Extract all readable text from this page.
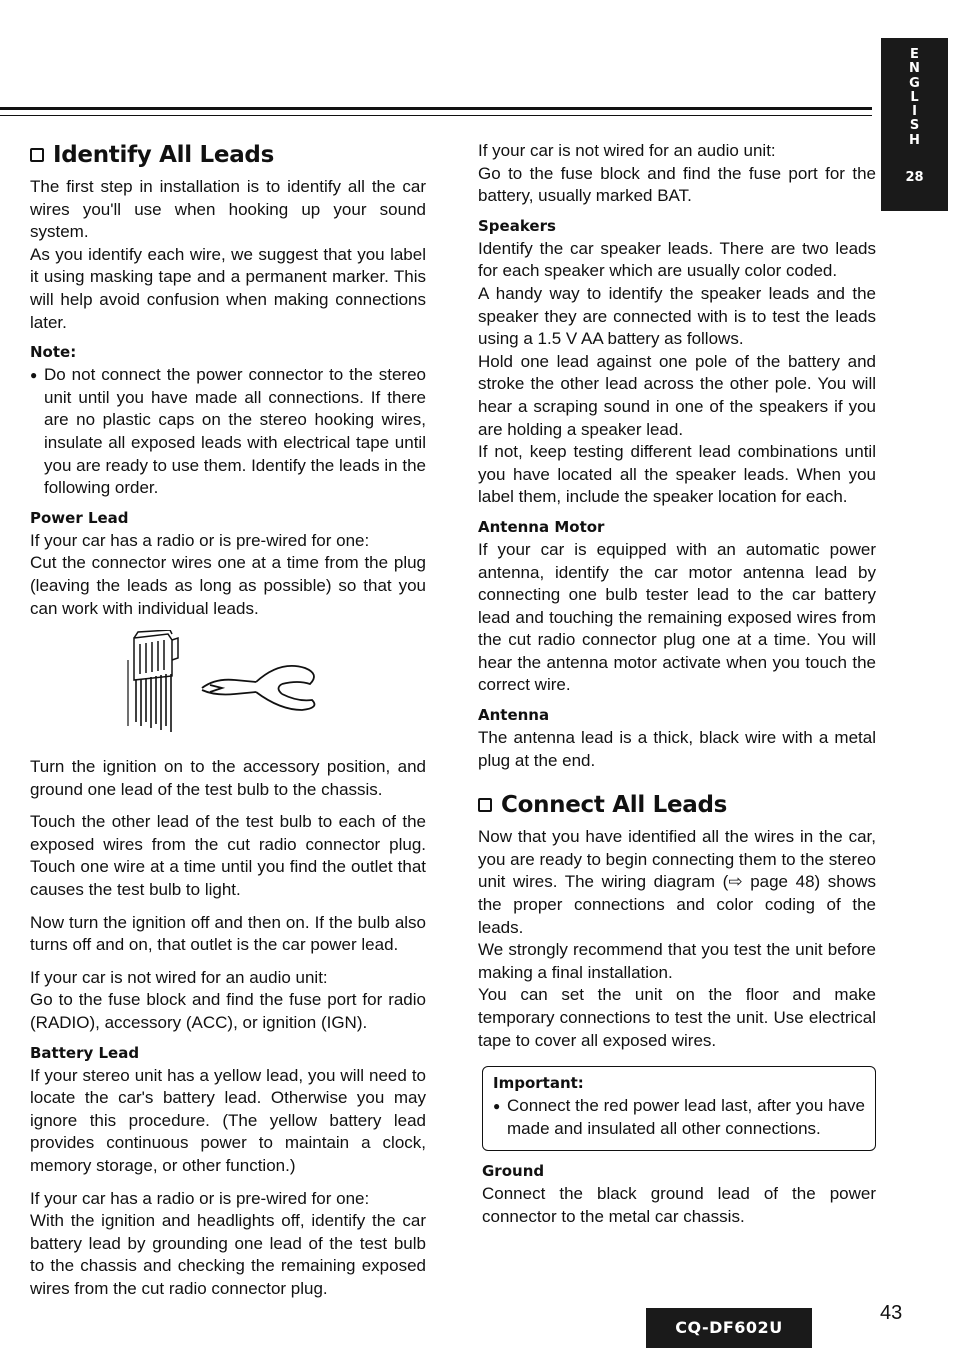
E
N
G
L
I
S
H
28
Identify All Leads

The first step in installation is to identify all the car wires you'll use when hooking up your sound system.

As you identify each wire, we suggest that you label it using masking tape and a permanent marker. This will help avoid confusion when making connections later.

Note:
● Do not connect the power connector to the stereo unit until you have made all connections. If there are no plastic caps on the stereo hooking wires, insulate all exposed leads with electrical tape until you are ready to use them. Identify the leads in the following order.
Power Lead

If your car has a radio or is pre-wired for one:

Cut the connector wires one at a time from the plug (leaving the leads as long as possible) so that you can work with individual leads.

Turn the ignition on to the accessory position, and ground one lead of the test bulb to the chassis.

Touch the other lead of the test bulb to each of the exposed wires from the cut radio connector plug. Touch one wire at a time until you find the outlet that causes the test bulb to light.

Now turn the ignition off and then on. If the bulb also turns off and on, that outlet is the car power lead.

If your car is not wired for an audio unit:

Go to the fuse block and find the fuse port for radio (RADIO), accessory (ACC), or ignition (IGN).

Battery Lead

If your stereo unit has a yellow lead, you will need to locate the car's battery lead. Otherwise you may ignore this procedure. (The yellow battery lead provides continuous power to maintain a clock, memory storage, or other function.)

If your car has a radio or is pre-wired for one:

With the ignition and headlights off, identify the car battery lead by grounding one lead of the test bulb to the chassis and checking the remaining exposed wires from the cut radio connector plug.

If your car is not wired for an audio unit:

Go to the fuse block and find the fuse port for the battery, usually marked BAT.

Speakers

Identify the car speaker leads. There are two leads for each speaker which are usually color coded.

A handy way to identify the speaker leads and the speaker they are connected with is to test the leads using a 1.5 V AA battery as follows.

Hold one lead against one pole of the battery and stroke the other lead across the other pole. You will hear a scraping sound in one of the speakers if you are holding a speaker lead.

If not, keep testing different lead combinations until you have located all the speaker leads. When you label them, include the speaker location for each.

Antenna Motor

If your car is equipped with an automatic power antenna, identify the car motor antenna lead by connecting one bulb tester lead to the car battery lead and touching the remaining exposed wires from the cut radio connector plug one at a time. You will hear the antenna motor activate when you touch the correct wire.

Antenna

The antenna lead is a thick, black wire with a metal plug at the end.

Connect All Leads

Now that you have identified all the wires in the car, you are ready to begin connecting them to the stereo unit wires. The wiring diagram (⇨ page 48) shows the proper connections and color coding of the leads.

We strongly recommend that you test the unit before making a final installation.

You can set the unit on the floor and make temporary connections to test the unit. Use electrical tape to cover all exposed wires.

Important:
● Connect the red power lead last, after you have made and insulated all other connections.
Ground

Connect the black ground lead of the power connector to the metal car chassis.

CQ-DF602U
43
